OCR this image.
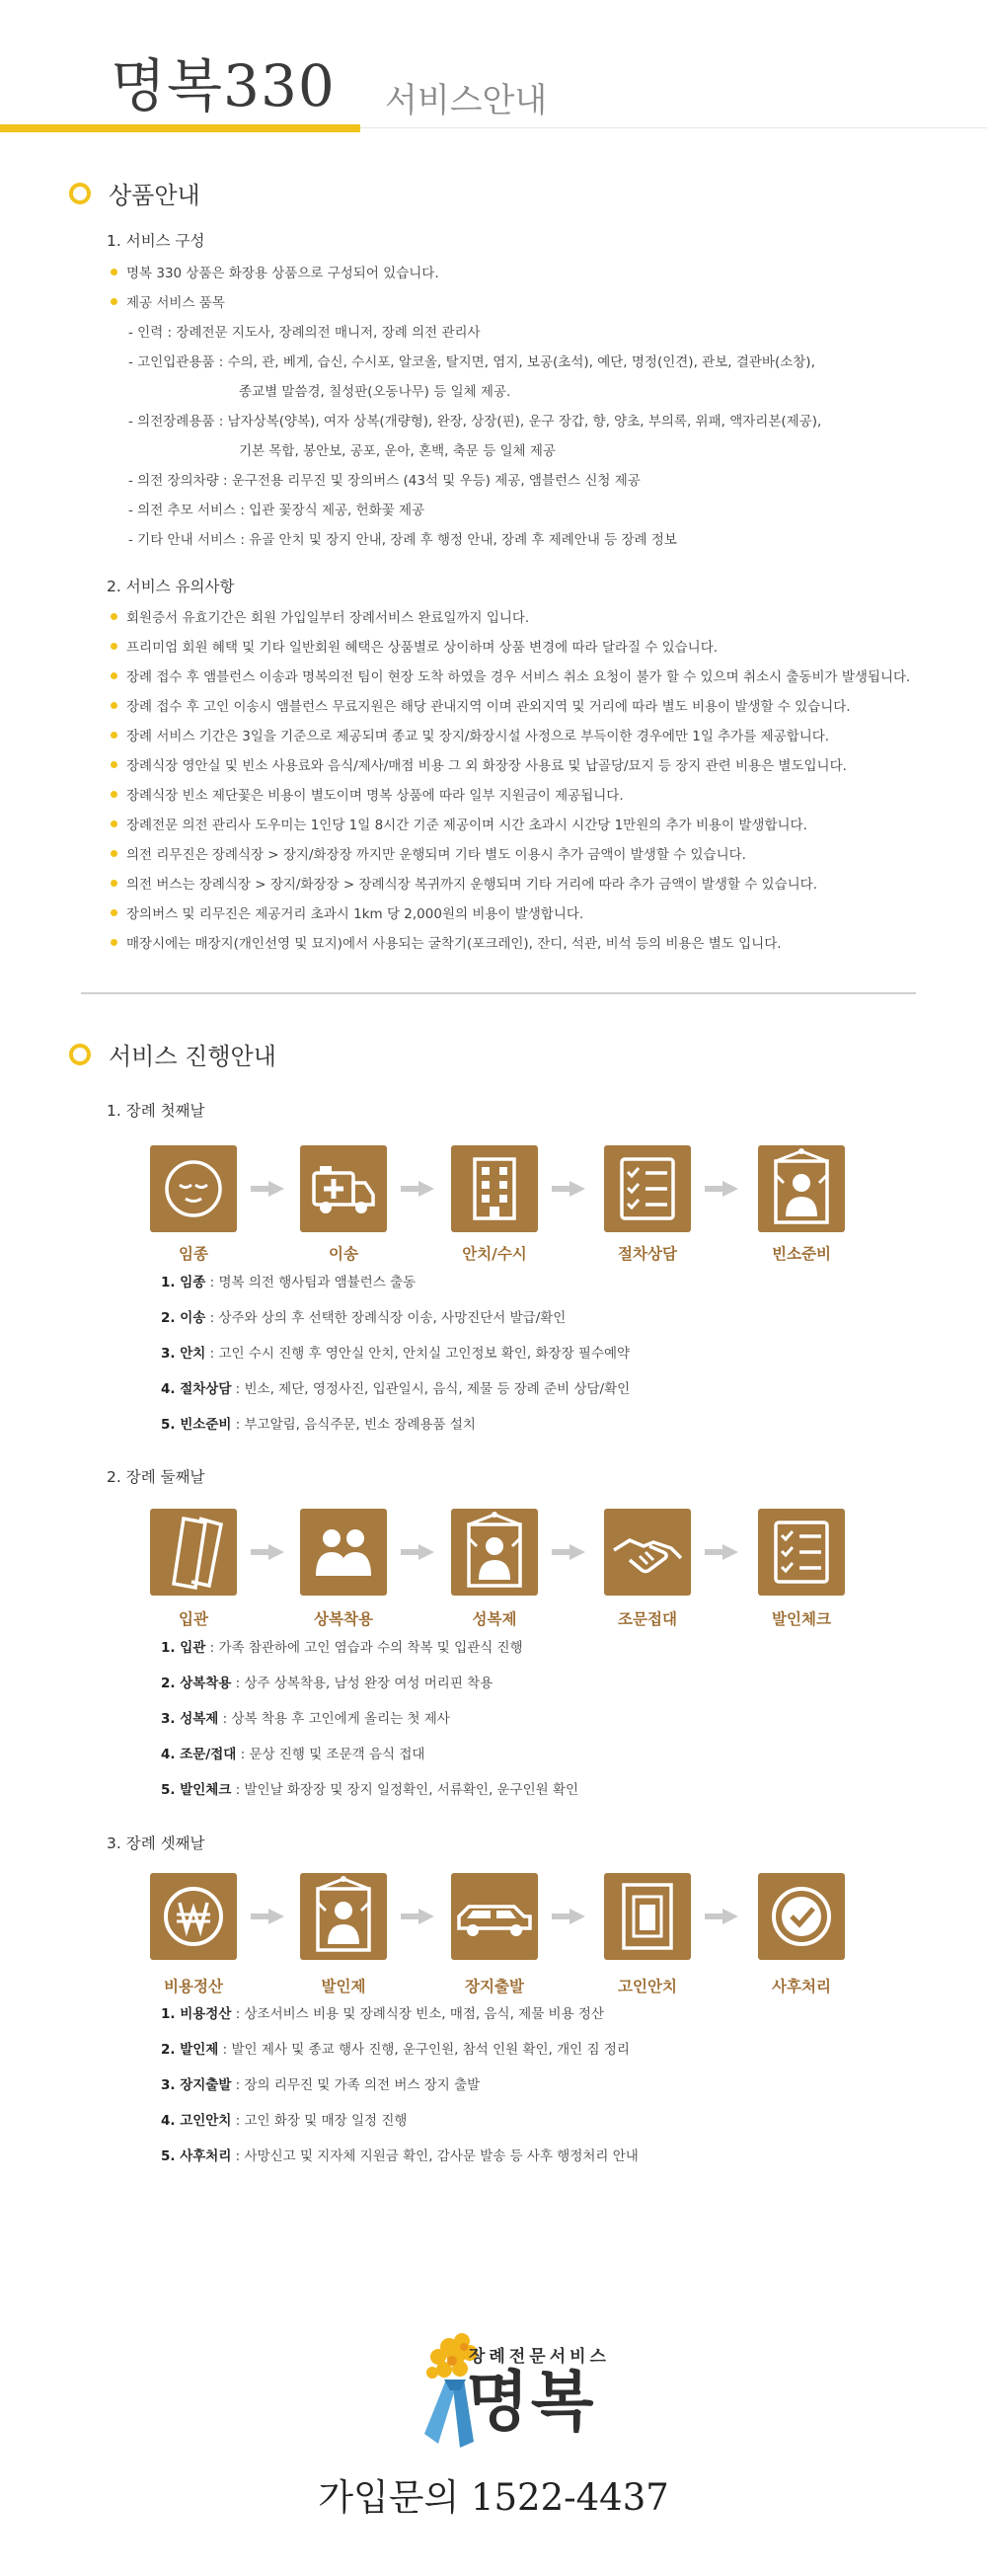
명복330 서비스안내
상품안내
1. 서비스 구성
명복 330 상품은 화장용 상품으로 구성되어 있습니다.
제공 서비스 품목
- 인력 : 장례전문 지도사, 장례의전 매니저, 장례 의전 관리사
- 고인입관용품 : 수의, 관, 베게, 습신, 수시포, 알코올, 탈지면, 염지, 보공(초석), 예단, 명정(인견), 관보, 결관바(소창),
종교별 말씀경, 칠성판(오동나무) 등 일체 제공.
- 의전장례용품 : 남자상복(양복), 여자 상복(개량형), 완장, 상장(핀), 운구 장갑, 향, 양초, 부의록, 위패, 액자리본(제공),
기본 목합, 봉안보, 공포, 운아, 혼백, 축문 등 일체 제공
- 의전 장의차량 : 운구전용 리무진 및 장의버스 (43석 및 우등) 제공, 앰블런스 신청 제공
- 의전 추모 서비스 : 입관 꽃장식 제공, 헌화꽃 제공
- 기타 안내 서비스 : 유골 안치 및 장지 안내, 장례 후 행정 안내, 장례 후 제례안내 등 장례 정보
2. 서비스 유의사항
회원증서 유효기간은 회원 가입일부터 장례서비스 완료일까지 입니다.
프리미엄 회원 혜택 및 기타 일반회원 혜택은 상품별로 상이하며 상품 변경에 따라 달라질 수 있습니다.
장례 접수 후 앰블런스 이송과 명복의전 팀이 현장 도착 하였을 경우 서비스 취소 요청이 불가 할 수 있으며 취소시 출동비가 발생됩니다.
장례 접수 후 고인 이송시 앰블런스 무료지원은 해당 관내지역 이며 관외지역 및 거리에 따라 별도 비용이 발생할 수 있습니다.
장례 서비스 기간은 3일을 기준으로 제공되며 종교 및 장지/화장시설 사정으로 부득이한 경우에만 1일 추가를 제공합니다.
장례식장 영안실 및 빈소 사용료와 음식/제사/매점 비용 그 외 화장장 사용료 및 납골당/묘지 등 장지 관련 비용은 별도입니다.
장례식장 빈소 제단꽃은 비용이 별도이며 명복 상품에 따라 일부 지원금이 제공됩니다.
장례전문 의전 관리사 도우미는 1인당 1일 8시간 기준 제공이며 시간 초과시 시간당 1만원의 추가 비용이 발생합니다.
의전 리무진은 장례식장 > 장지/화장장 까지만 운행되며 기타 별도 이용시 추가 금액이 발생할 수 있습니다.
의전 버스는 장례식장 > 장지/화장장 > 장례식장 복귀까지 운행되며 기타 거리에 따라 추가 금액이 발생할 수 있습니다.
장의버스 및 리무진은 제공거리 초과시 1km 당 2,000원의 비용이 발생합니다.
매장시에는 매장지(개인선영 및 묘지)에서 사용되는 굴착기(포크레인), 잔디, 석관, 비석 등의 비용은 별도 입니다.
서비스 진행안내
1. 장례 첫째날
임종	이송	안치/수시	절차상담	빈소준비
1. 임종 : 명복 의전 행사팀과 앰뷸런스 출동
2. 이송 : 상주와 상의 후 선택한 장례식장 이송, 사망진단서 발급/확인
3. 안치 : 고인 수시 진행 후 영안실 안치, 안치실 고인정보 확인, 화장장 필수예약
4. 절차상담 : 빈소, 제단, 영정사진, 입관일시, 음식, 제물 등 장례 준비 상담/확인
5. 빈소준비 : 부고알림, 음식주문, 빈소 장례용품 설치
2. 장례 둘째날
입관	상복착용	성복제	조문접대	발인체크
1. 입관 : 가족 참관하에 고인 염습과 수의 착복 및 입관식 진행
2. 상복착용 : 상주 상복착용, 남성 완장 여성 머리핀 착용
3. 성복제 : 상복 착용 후 고인에게 올리는 첫 제사
4. 조문/접대 : 문상 진행 및 조문객 음식 접대
5. 발인체크 : 발인날 화장장 및 장지 일정확인, 서류확인, 운구인원 확인
3. 장례 셋째날
비용정산	발인제	장지출발	고인안치	사후처리
1. 비용정산 : 상조서비스 비용 및 장례식장 빈소, 매점, 음식, 제물 비용 정산
2. 발인제 : 발인 제사 및 종교 행사 진행, 운구인원, 참석 인원 확인, 개인 짐 정리
3. 장지출발 : 장의 리무진 및 가족 의전 버스 장지 출발
4. 고인안치 : 고인 화장 및 매장 일정 진행
5. 사후처리 : 사망신고 및 지자체 지원금 확인, 감사문 발송 등 사후 행정처리 안내
장례전문서비스
명복
가입문의 1522-4437
